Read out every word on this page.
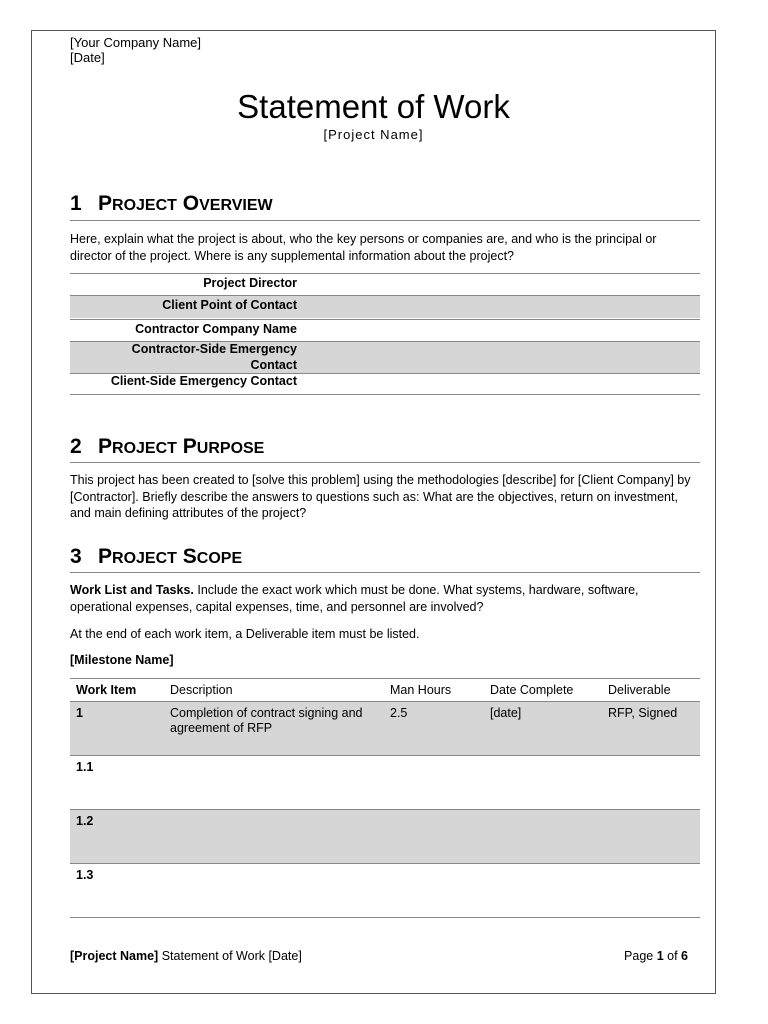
[Your Company Name]
[Date]
Statement of Work
[Project Name]
1 PROJECT OVERVIEW
Here, explain what the project is about, who the key persons or companies are, and who is the principal or director of the project. Where is any supplemental information about the project?
Project Director
Client Point of Contact
Contractor Company Name
Contractor-Side Emergency Contact
Client-Side Emergency Contact
2 PROJECT PURPOSE
This project has been created to [solve this problem] using the methodologies [describe] for [Client Company] by [Contractor]. Briefly describe the answers to questions such as: What are the objectives, return on investment, and main defining attributes of the project?
3 PROJECT SCOPE
Work List and Tasks. Include the exact work which must be done. What systems, hardware, software, operational expenses, capital expenses, time, and personnel are involved?
At the end of each work item, a Deliverable item must be listed.
[Milestone Name]
Work Item	Description	Man Hours	Date Complete	Deliverable
1	Completion of contract signing and agreement of RFP	2.5	[date]	RFP, Signed
1.1				
1.2				
1.3				
[Project Name] Statement of Work [Date]	Page 1 of 6
